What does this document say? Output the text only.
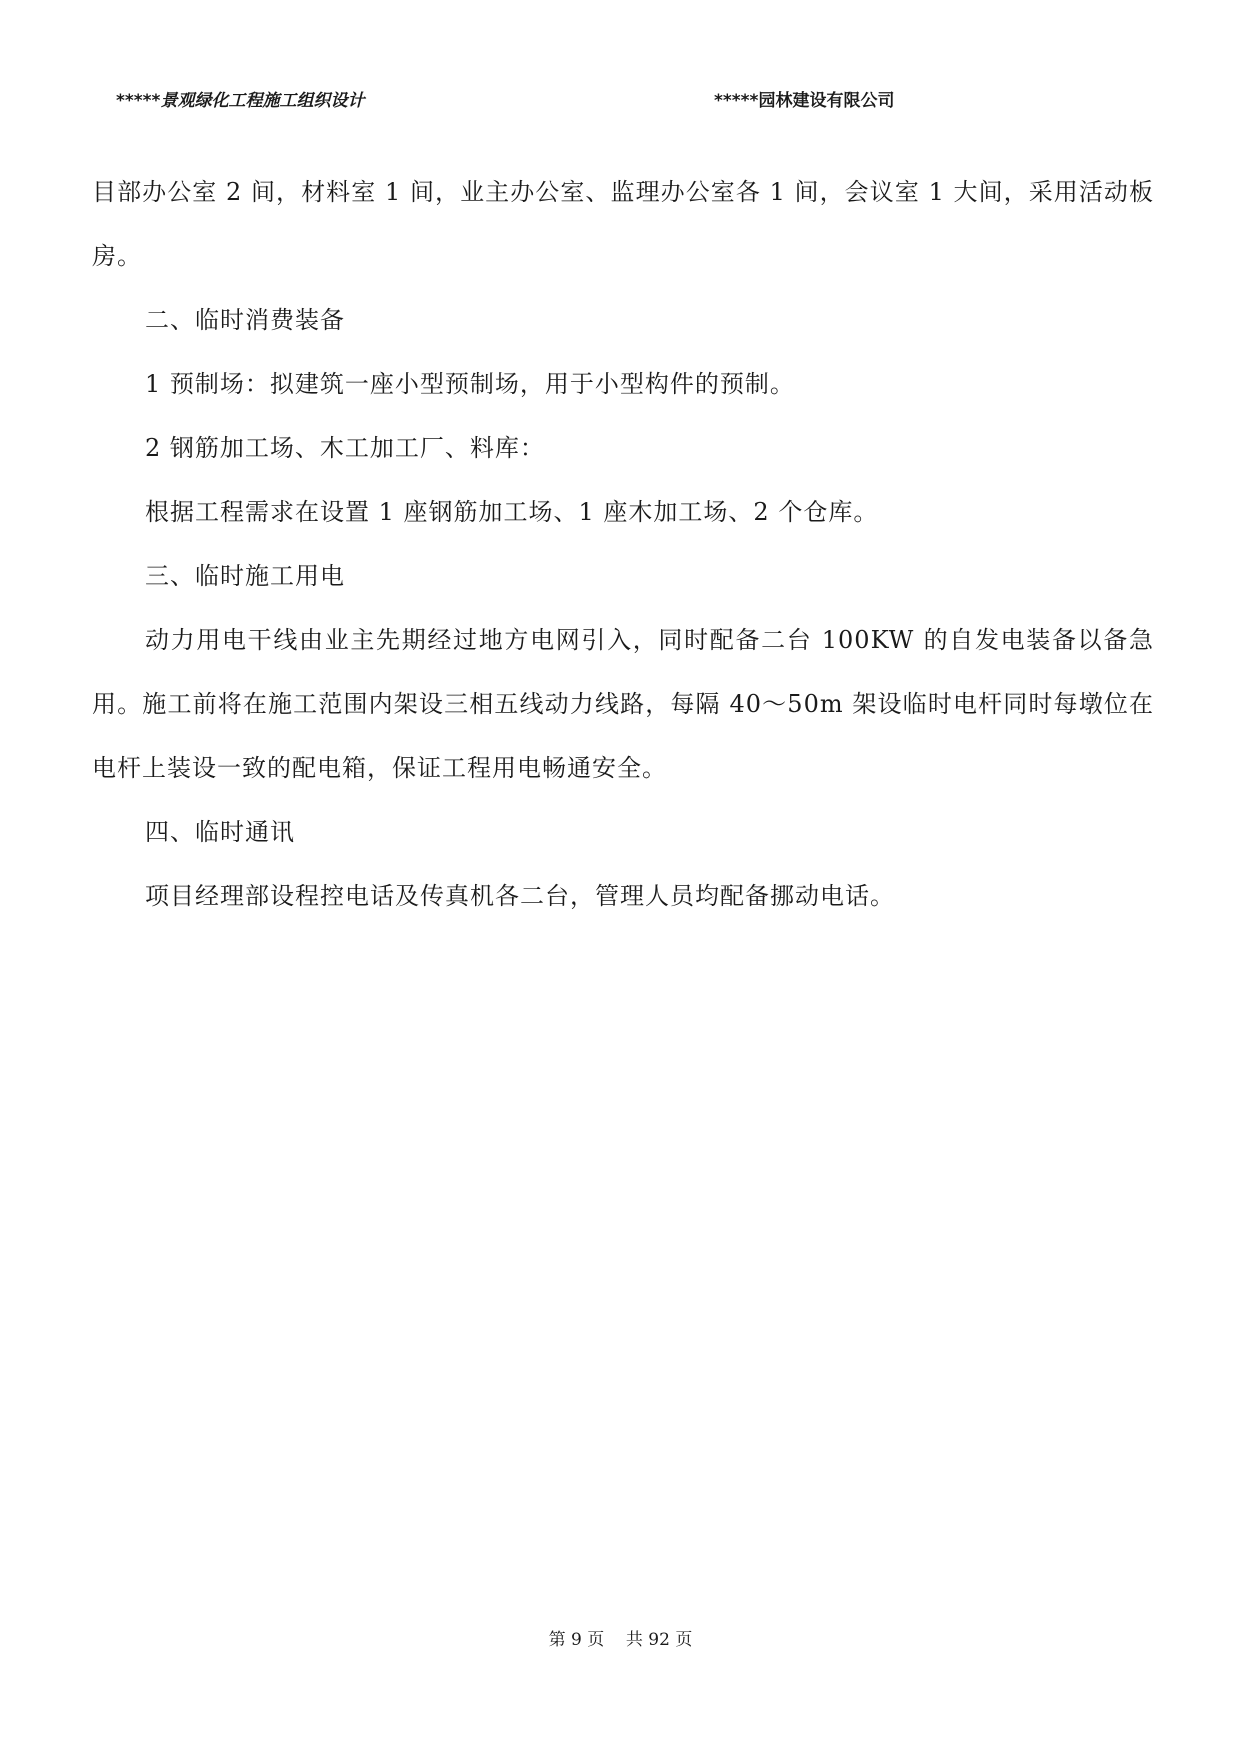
*****景观绿化工程施工组织设计	*****园林建设有限公司

目部办公室 2 间，材料室 1 间，业主办公室、监理办公室各 1 间，会议室 1 大间，采用活动板房。

二、临时消费装备

1 预制场：拟建筑一座小型预制场，用于小型构件的预制。

2 钢筋加工场、木工加工厂、料库：

根据工程需求在设置 1 座钢筋加工场、1 座木加工场、2 个仓库。

三、临时施工用电

动力用电干线由业主先期经过地方电网引入，同时配备二台 100KW 的自发电装备以备急用。施工前将在施工范围内架设三相五线动力线路，每隔 40～50m 架设临时电杆同时每墩位在电杆上装设一致的配电箱，保证工程用电畅通安全。

四、临时通讯

项目经理部设程控电话及传真机各二台，管理人员均配备挪动电话。

第 9 页    共 92 页
